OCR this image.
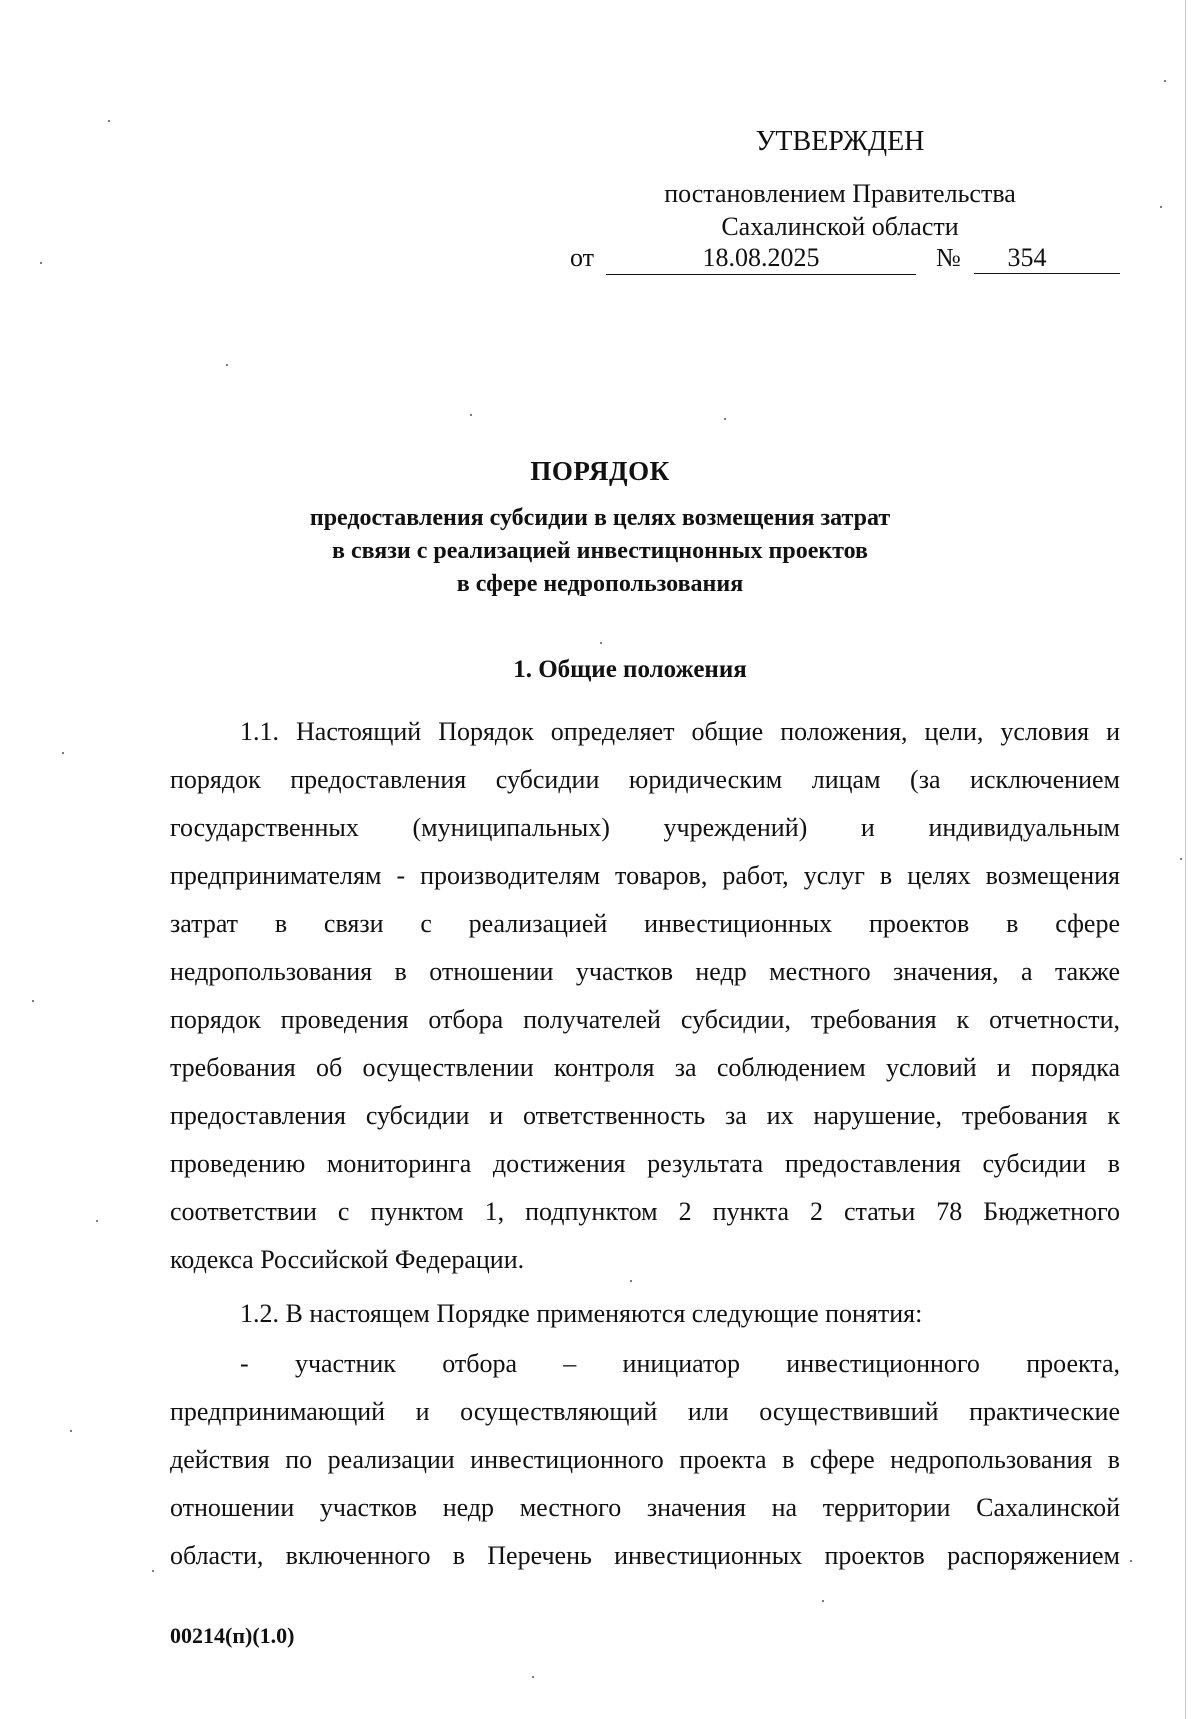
УТВЕРЖДЕН
постановлением Правительства
Сахалинской области
от	18.08.2025	№	354
ПОРЯДОК
предоставления субсидии в целях возмещения затрат
в связи с реализацией инвестицнонных проектов
в сфере недропользования
1. Общие положения
1.1. Настоящий Порядок определяет общие положения, цели, условия и
порядок предоставления субсидии юридическим лицам (за исключением
государственных (муниципальных) учреждений) и индивидуальным
предпринимателям - производителям товаров, работ, услуг в целях возмещения
затрат в связи с реализацией инвестиционных проектов в сфере
недропользования в отношении участков недр местного значения, а также
порядок проведения отбора получателей субсидии, требования к отчетности,
требования об осуществлении контроля за соблюдением условий и порядка
предоставления субсидии и ответственность за их нарушение, требования к
проведению мониторинга достижения результата предоставления субсидии в
соответствии с пунктом 1, подпунктом 2 пункта 2 статьи 78 Бюджетного
кодекса Российской Федерации.
1.2. В настоящем Порядке применяются следующие понятия:
- участник отбора – инициатор инвестиционного проекта,
предпринимающий и осуществляющий или осуществивший практические
действия по реализации инвестиционного проекта в сфере недропользования в
отношении участков недр местного значения на территории Сахалинской
области, включенного в Перечень инвестиционных проектов распоряжением
00214(п)(1.0)
